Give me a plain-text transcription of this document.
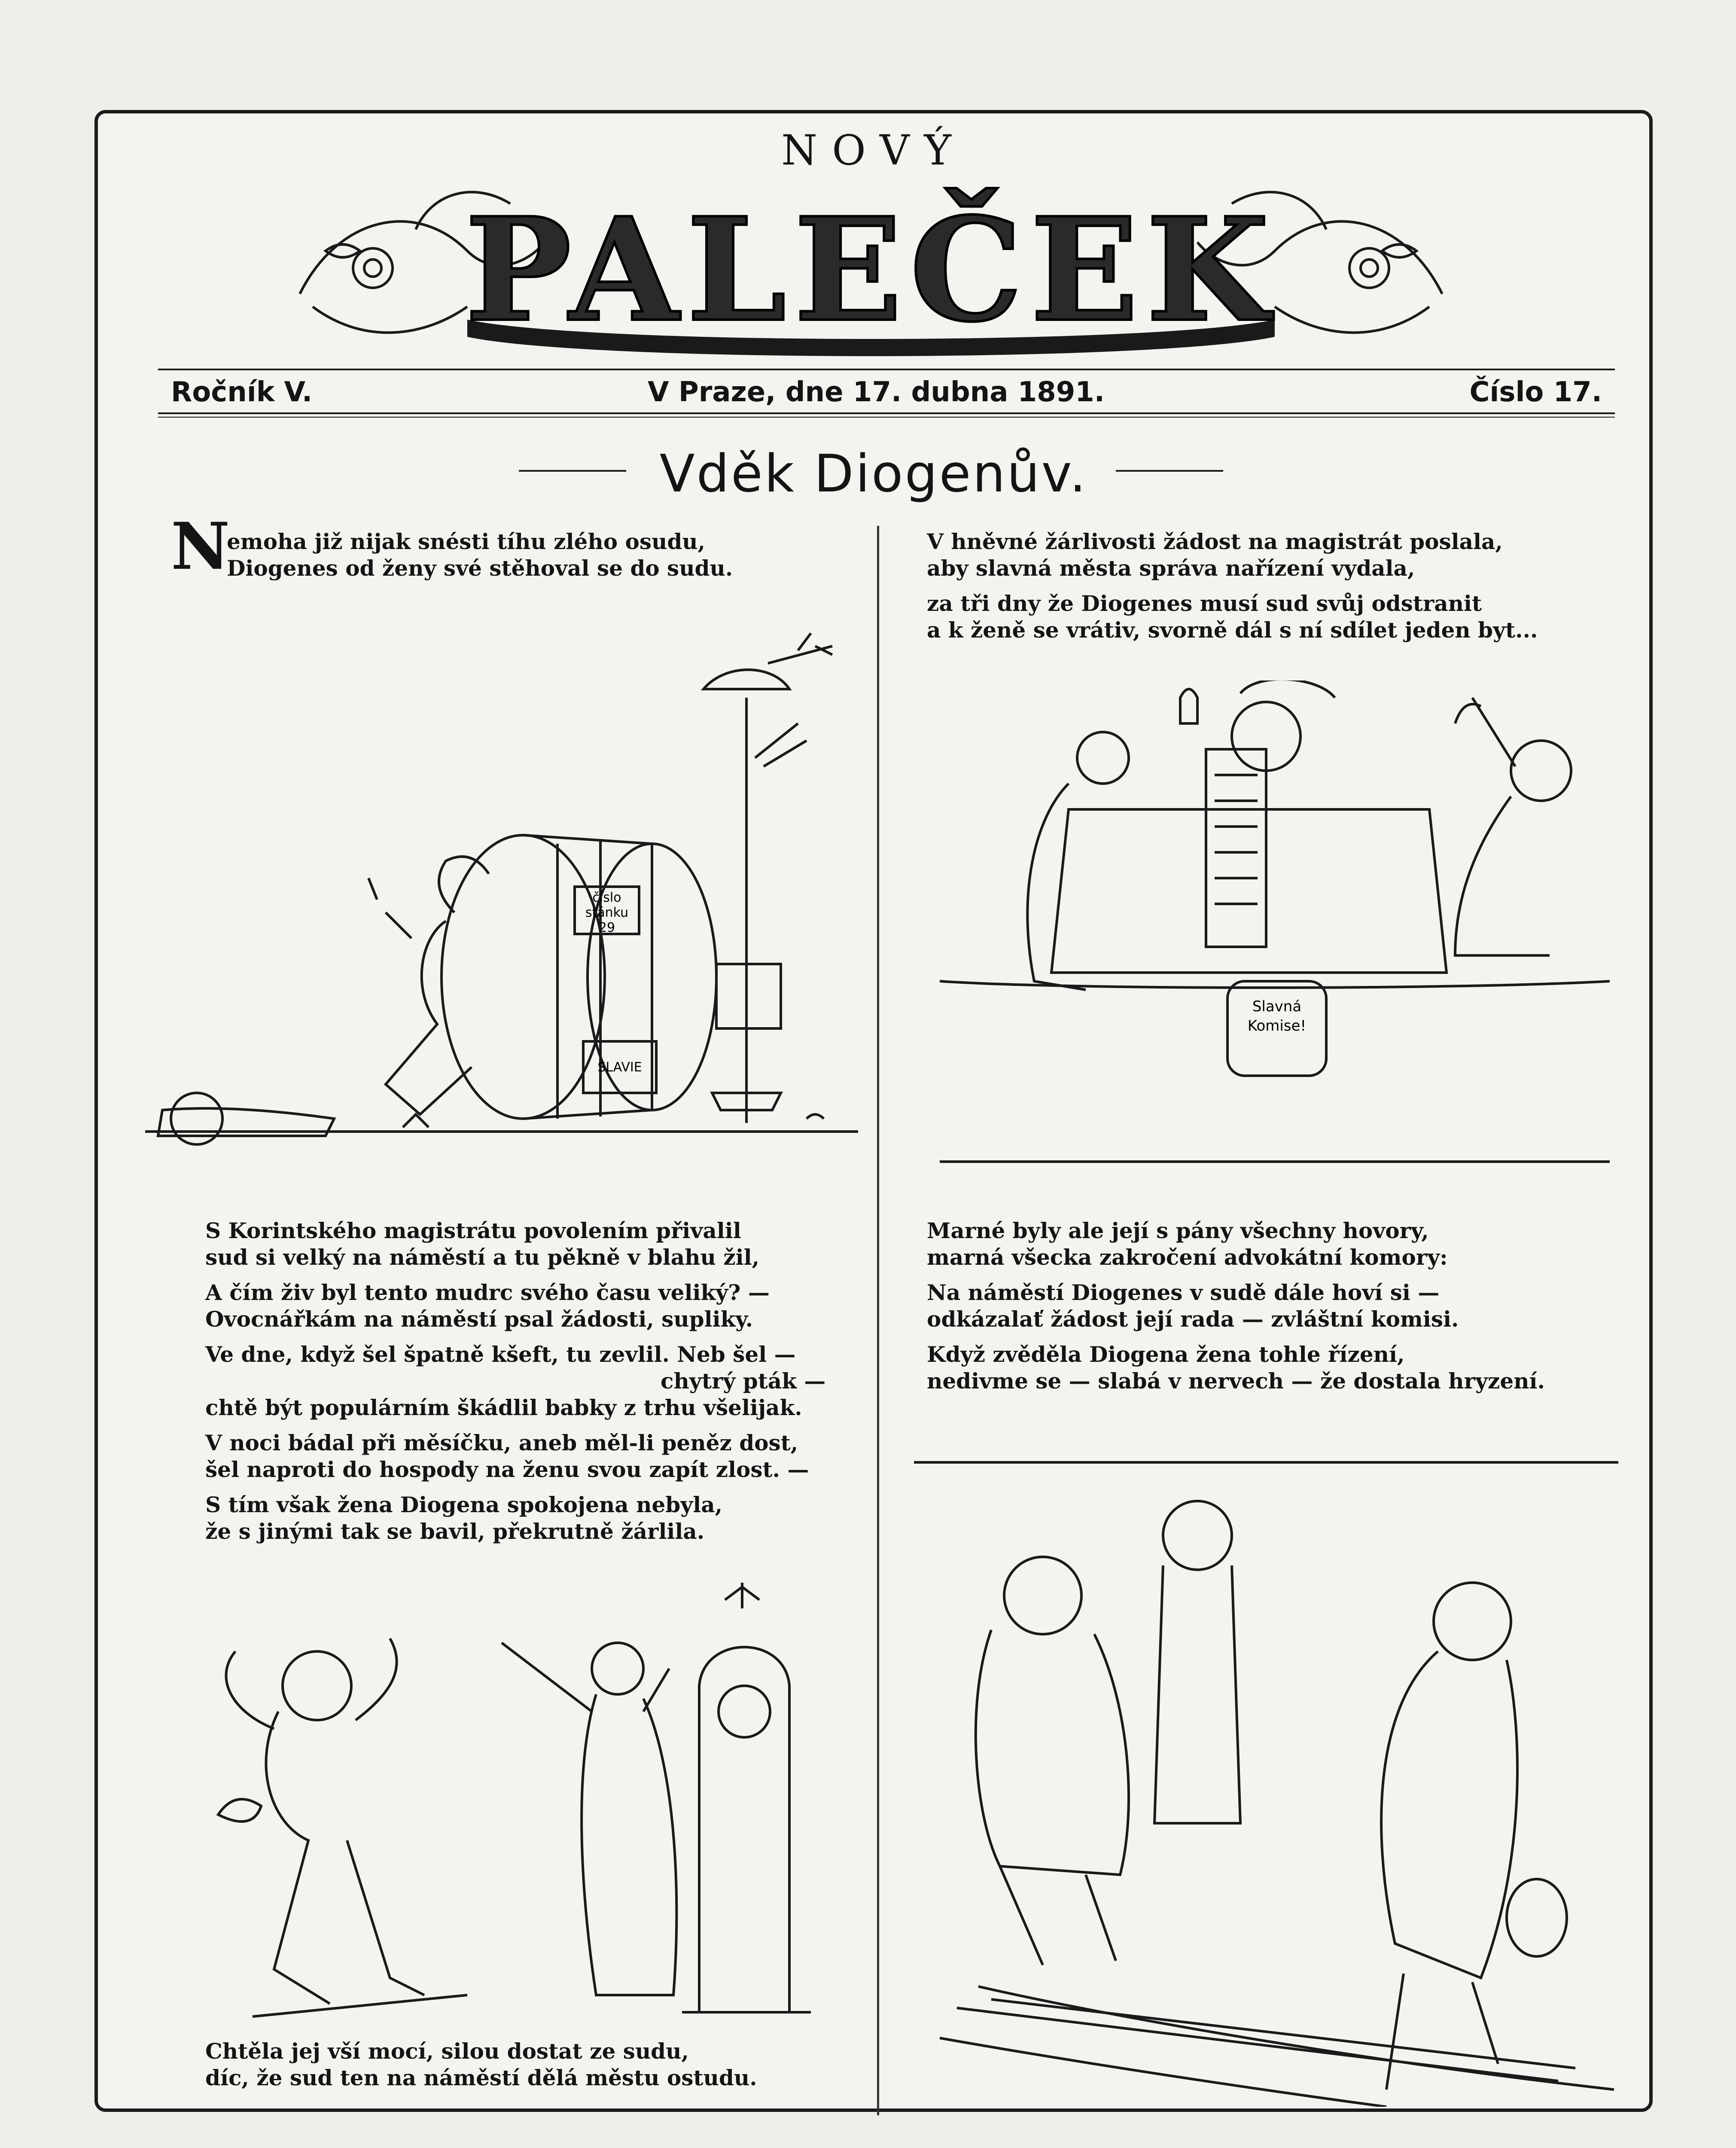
NOVÝ
PALEČEK
Ročník V.	V Praze, dne 17. dubna 1891.	Číslo 17.
Vděk Diogenův.
N
emoha již nijak snésti tíhu zlého osudu,
Diogenes od ženy své stěhoval se do sudu.
číslo
stánku
29
SLAVIE

S Korintského magistrátu povolením přivalil
sud si velký na náměstí a tu pěkně v blahu žil,

A čím živ byl tento mudrc svého času veliký? —
Ovocnářkám na náměstí psal žádosti, supliky.

Ve dne, když šel špatně kšeft, tu zevlil. Neb šel —

chytrý pták —
chtě být populárním škádlil babky z trhu všelijak.

V noci bádal při měsíčku, aneb měl-li peněz dost,
šel naproti do hospody na ženu svou zapít zlost. —

S tím však žena Diogena spokojena nebyla,
že s jinými tak se bavil, překrutně žárlila.

Chtěla jej vší mocí, silou dostat ze sudu,
díc, že sud ten na náměstí dělá městu ostudu.

V hněvné žárlivosti žádost na magistrát poslala,
aby slavná města správa nařízení vydala,

za tři dny že Diogenes musí sud svůj odstranit
a k ženě se vrátiv, svorně dál s ní sdílet jeden byt...

Slavná
Komise!

Marné byly ale její s pány všechny hovory,
marná všecka zakročení advokátní komory:

Na náměstí Diogenes v sudě dále hoví si —
odkázalať žádost její rada — zvláštní komisi.

Když zvěděla Diogena žena tohle řízení,
nedivme se — slabá v nervech — že dostala hryzení.
